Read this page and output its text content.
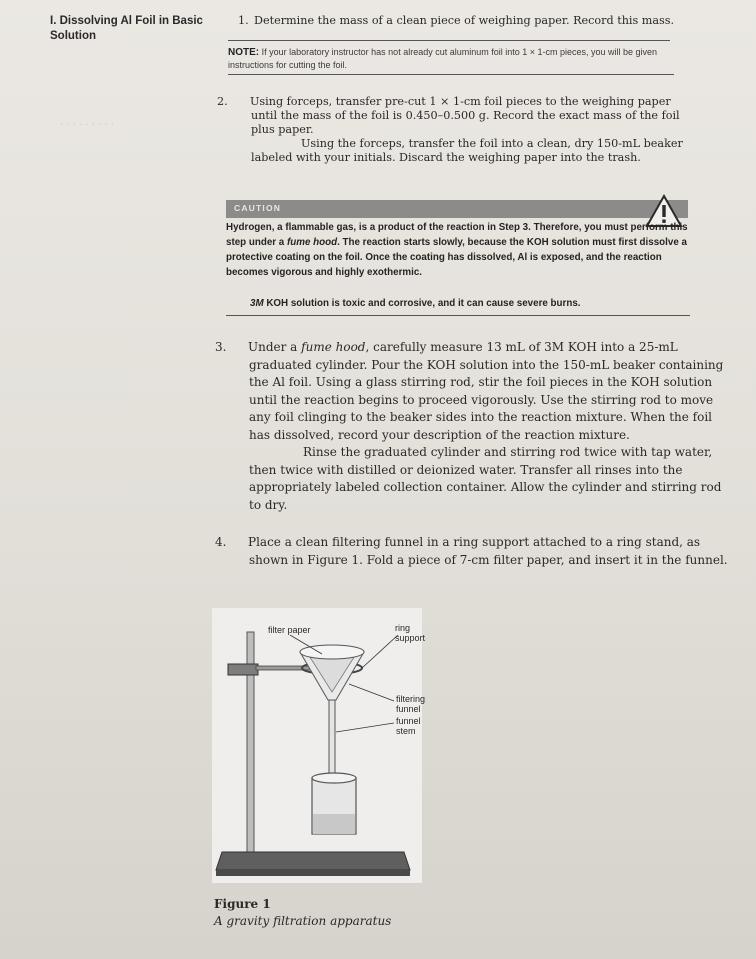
· · · · · · · · ·
I. Dissolving Al Foil in Basic Solution
1. Determine the mass of a clean piece of weighing paper. Record this mass.
NOTE: If your laboratory instructor has not already cut aluminum foil into 1 × 1-cm pieces, you will be given instructions for cutting the foil.

2. Using forceps, transfer pre-cut 1 × 1-cm foil pieces to the weighing paper until the mass of the foil is 0.450–0.500 g. Record the exact mass of the foil plus paper.

Using the forceps, transfer the foil into a clean, dry 150-mL beaker labeled with your initials. Discard the weighing paper into the trash.

CAUTION
Hydrogen, a flammable gas, is a product of the reaction in Step 3. Therefore, you must perform this step under a fume hood. The reaction starts slowly, because the KOH solution must first dissolve a protective coating on the foil. Once the coating has dissolved, Al is exposed, and the reaction becomes vigorous and highly exothermic.
3M KOH solution is toxic and corrosive, and it can cause severe burns.

3. Under a fume hood, carefully measure 13 mL of 3M KOH into a 25-mL graduated cylinder. Pour the KOH solution into the 150-mL beaker containing the Al foil. Using a glass stirring rod, stir the foil pieces in the KOH solution until the reaction begins to proceed vigorously. Use the stirring rod to move any foil clinging to the beaker sides into the reaction mixture. When the foil has dissolved, record your description of the reaction mixture.

Rinse the graduated cylinder and stirring rod twice with tap water, then twice with distilled or deionized water. Transfer all rinses into the appropriately labeled collection container. Allow the cylinder and stirring rod to dry.

4. Place a clean filtering funnel in a ring support attached to a ring stand, as shown in Figure 1. Fold a piece of 7-cm filter paper, and insert it in the funnel.

filter paper	ring support
filtering funnel
funnel stem
Figure 1
A gravity filtration apparatus
